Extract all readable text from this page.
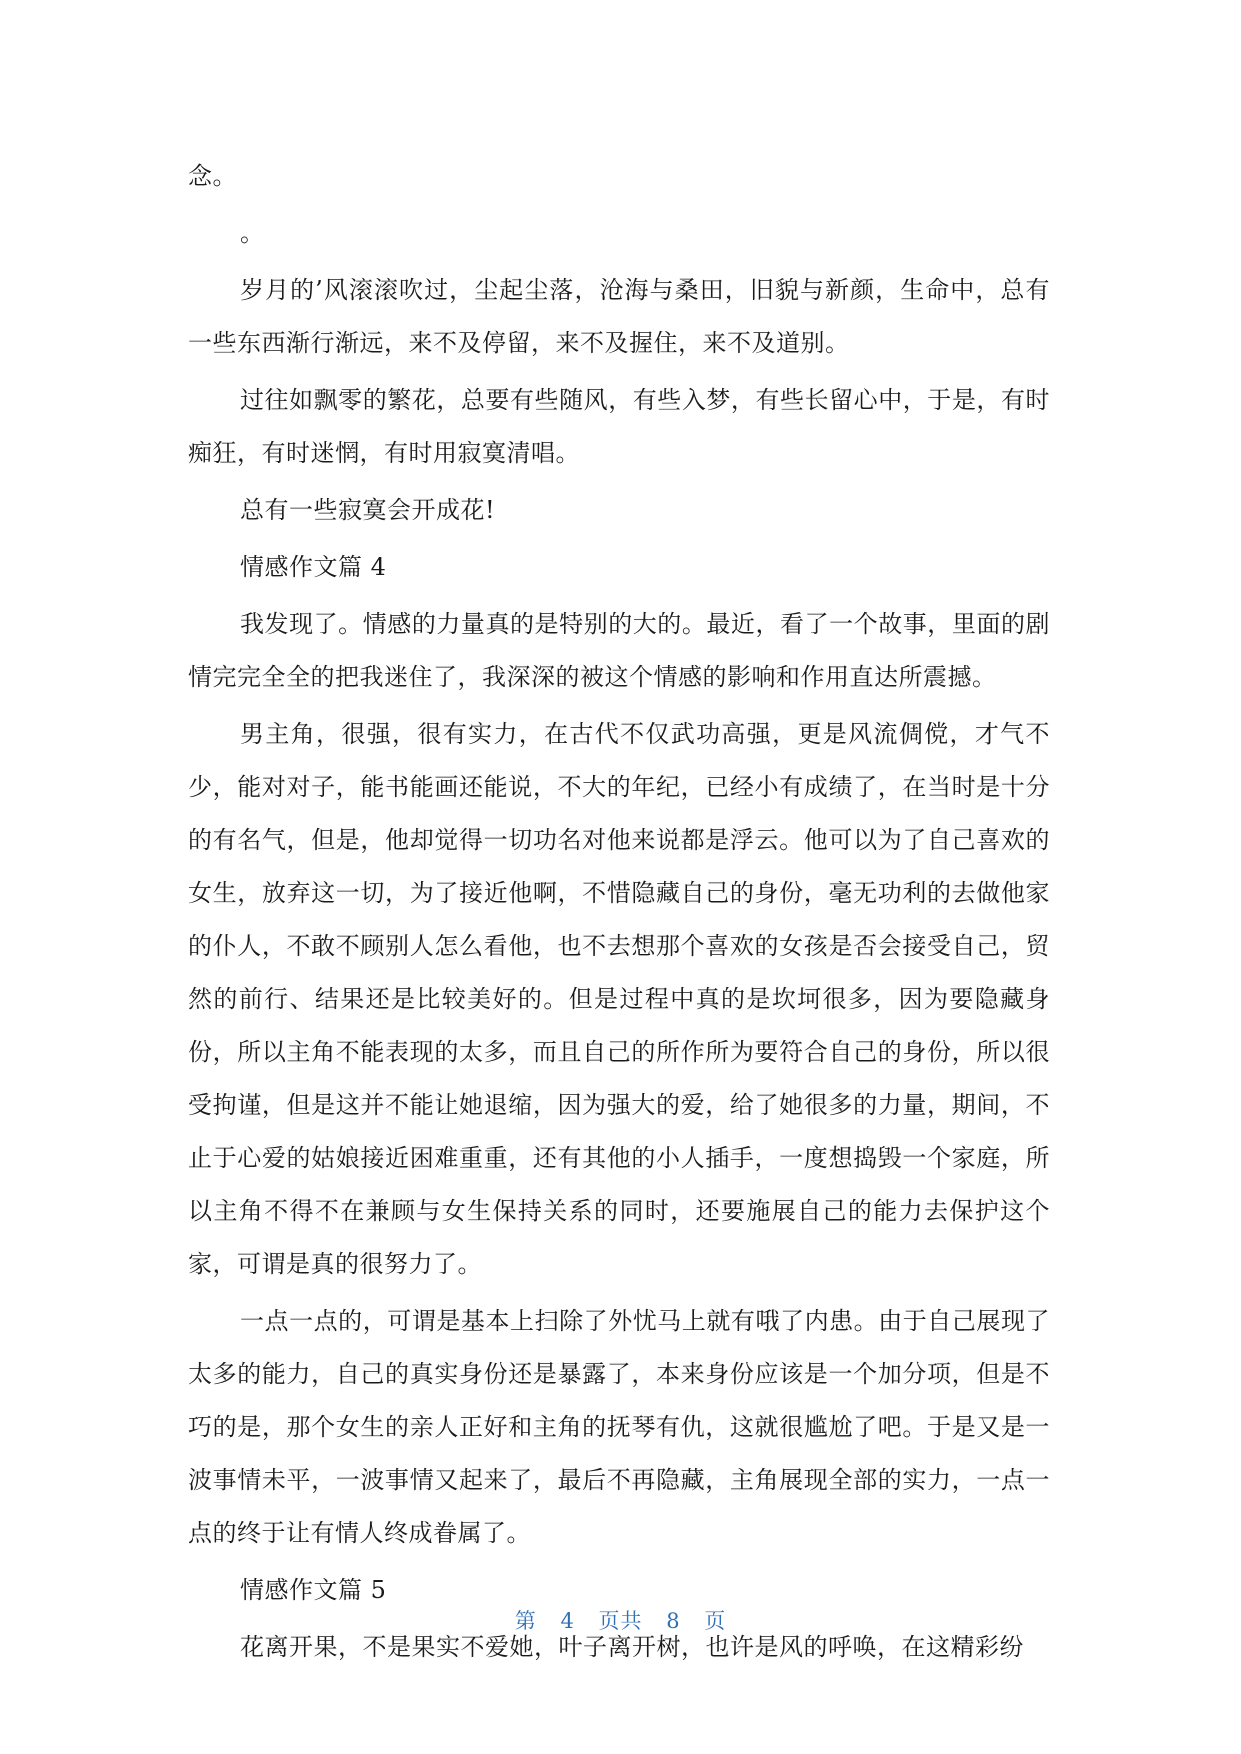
念。

。

岁月的’风滚滚吹过，尘起尘落，沧海与桑田，旧貌与新颜，生命中，总有一些东西渐行渐远，来不及停留，来不及握住，来不及道别。

过往如飘零的繁花，总要有些随风，有些入梦，有些长留心中，于是，有时痴狂，有时迷惘，有时用寂寞清唱。

总有一些寂寞会开成花!

情感作文篇 4

我发现了。情感的力量真的是特别的大的。最近，看了一个故事，里面的剧情完完全全的把我迷住了，我深深的被这个情感的影响和作用直达所震撼。

男主角，很强，很有实力，在古代不仅武功高强，更是风流倜傥，才气不少，能对对子，能书能画还能说，不大的年纪，已经小有成绩了，在当时是十分的有名气，但是，他却觉得一切功名对他来说都是浮云。他可以为了自己喜欢的女生，放弃这一切，为了接近他啊，不惜隐藏自己的身份，毫无功利的去做他家的仆人，不敢不顾别人怎么看他，也不去想那个喜欢的女孩是否会接受自己，贸然的前行、结果还是比较美好的。但是过程中真的是坎坷很多，因为要隐藏身份，所以主角不能表现的太多，而且自己的所作所为要符合自己的身份，所以很受拘谨，但是这并不能让她退缩，因为强大的爱，给了她很多的力量，期间，不止于心爱的姑娘接近困难重重，还有其他的小人插手，一度想捣毁一个家庭，所以主角不得不在兼顾与女生保持关系的同时，还要施展自己的能力去保护这个家，可谓是真的很努力了。

一点一点的，可谓是基本上扫除了外忧马上就有哦了内患。由于自己展现了太多的能力，自己的真实身份还是暴露了，本来身份应该是一个加分项，但是不巧的是，那个女生的亲人正好和主角的抚琴有仇，这就很尴尬了吧。于是又是一波事情未平，一波事情又起来了，最后不再隐藏，主角展现全部的实力，一点一点的终于让有情人终成眷属了。

情感作文篇 5

花离开果，不是果实不爱她，叶子离开树，也许是风的呼唤，在这精彩纷

第 4 页共 8 页
